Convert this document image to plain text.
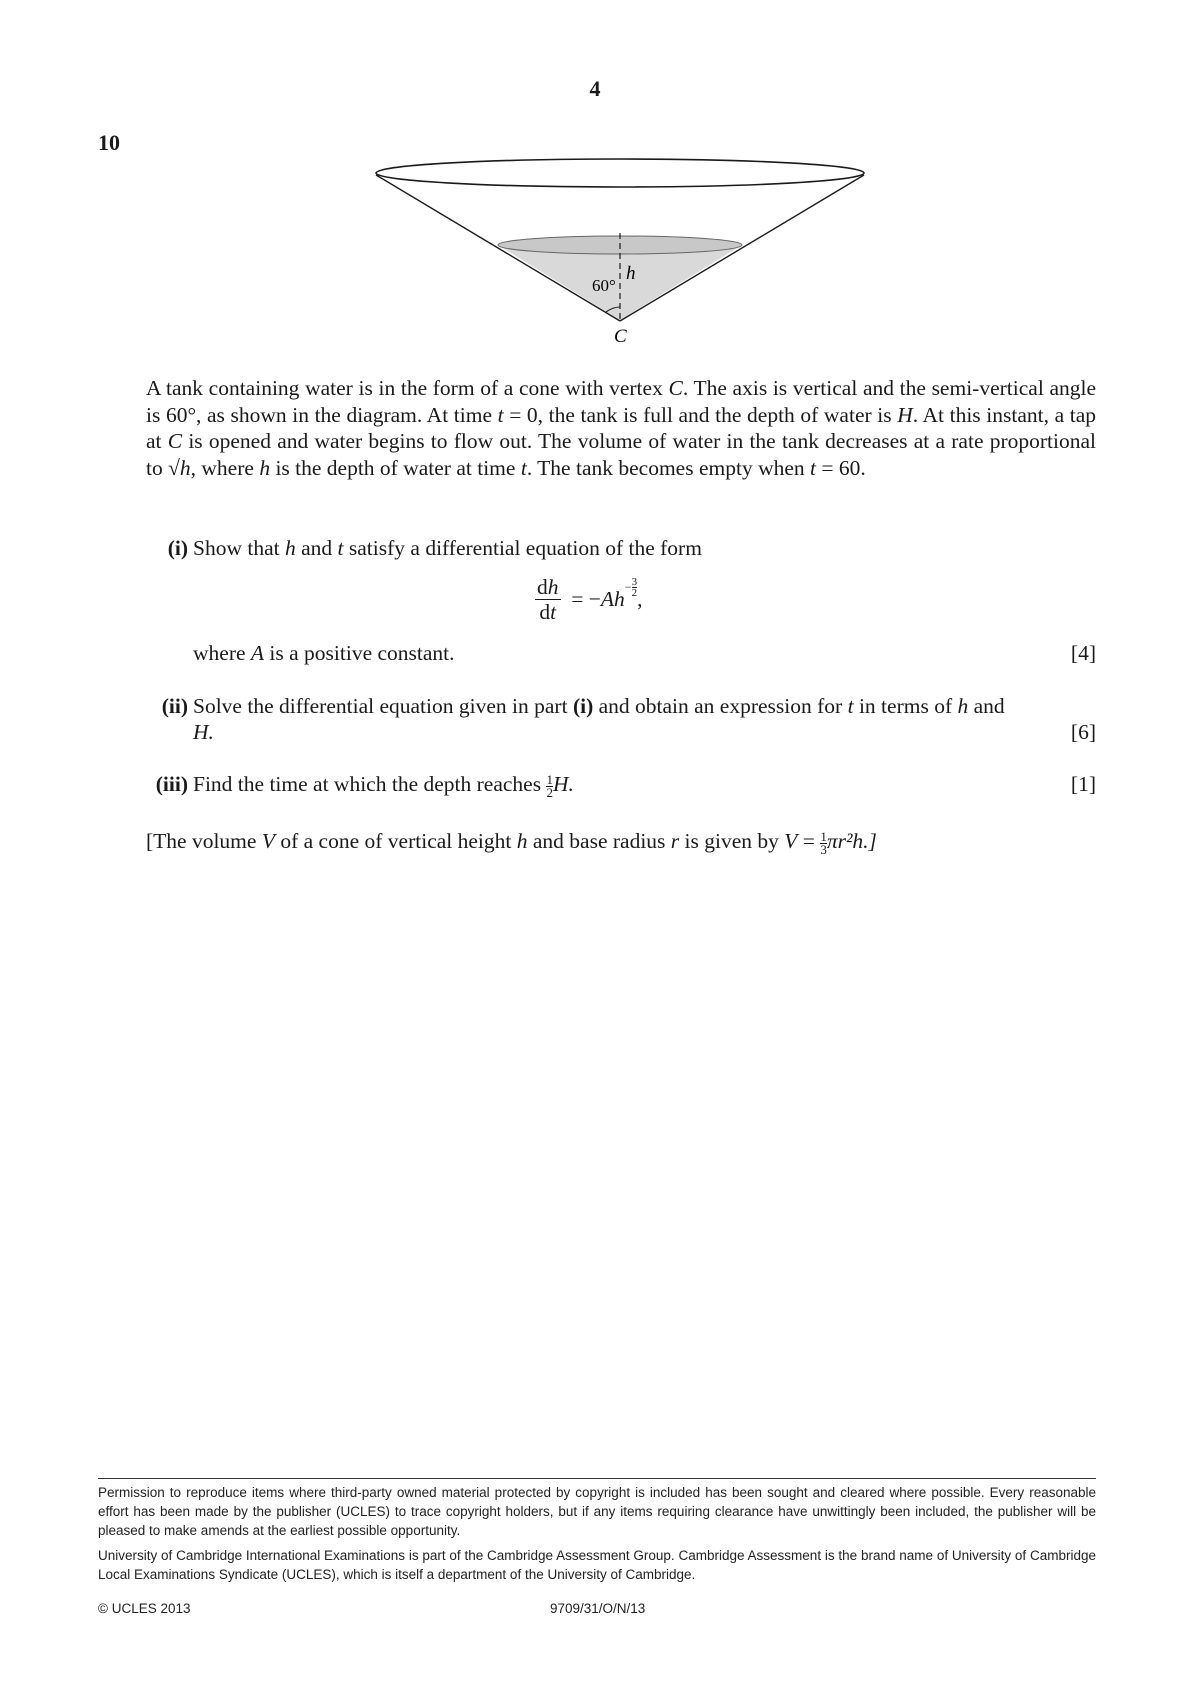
4
10
60°
h
C
A tank containing water is in the form of a cone with vertex C. The axis is vertical and the semi-vertical angle is 60°, as shown in the diagram. At time t = 0, the tank is full and the depth of water is H. At this instant, a tap at C is opened and water begins to flow out. The volume of water in the tank decreases at a rate proportional to √h, where h is the depth of water at time t. The tank becomes empty when t = 60.
(i) Show that h and t satisfy a differential equation of the form
$\frac{dh}{dt} = -Ah- \frac{3}{2}$,
where A is a positive constant.	[4]
(ii) Solve the differential equation given in part (i) and obtain an expression for t in terms of h and
H.	[6]
(iii) Find the time at which the depth reaches $\frac{1}{2}H$.	[1]
[The volume V of a cone of vertical height h and base radius r is given by $V = \frac{1}{3}\pi r^2h$.]
Permission to reproduce items where third-party owned material protected by copyright is included has been sought and cleared where possible. Every reasonable effort has been made by the publisher (UCLES) to trace copyright holders, but if any items requiring clearance have unwittingly been included, the publisher will be pleased to make amends at the earliest possible opportunity.
University of Cambridge International Examinations is part of the Cambridge Assessment Group. Cambridge Assessment is the brand name of University of Cambridge Local Examinations Syndicate (UCLES), which is itself a department of the University of Cambridge.
© UCLES 2013	9709/31/O/N/13
